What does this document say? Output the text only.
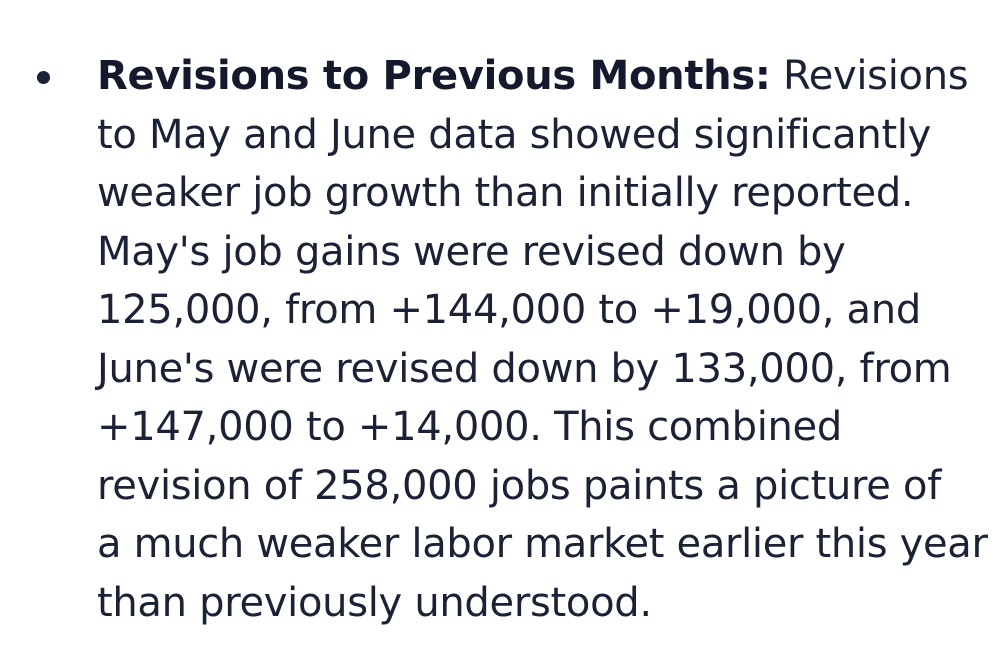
Revisions to Previous Months: Revisions
to May and June data showed significantly
weaker job growth than initially reported.
May's job gains were revised down by
125,000, from +144,000 to +19,000, and
June's were revised down by 133,000, from
+147,000 to +14,000. This combined
revision of 258,000 jobs paints a picture of
a much weaker labor market earlier this year
than previously understood.
